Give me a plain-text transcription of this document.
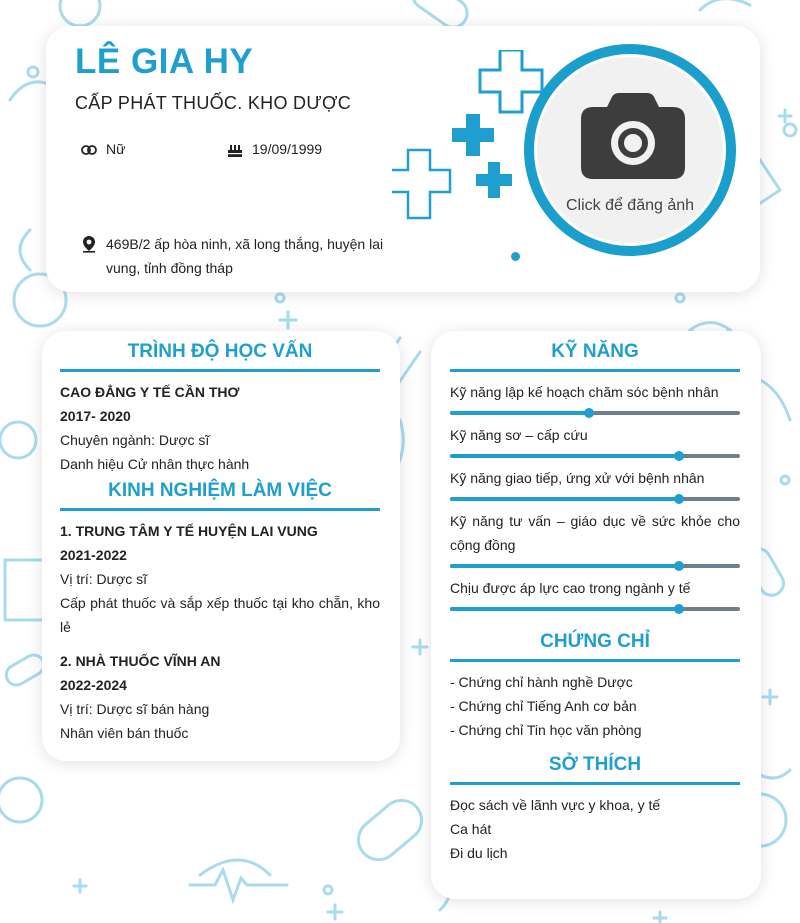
LÊ GIA HY
CẤP PHÁT THUỐC. KHO DƯỢC
Nữ	19/09/1999
469B/2 ấp hòa ninh, xã long thắng, huyện lai vung, tỉnh đồng tháp
Click để đăng ảnh
TRÌNH ĐỘ HỌC VẤN
CAO ĐẲNG Y TẾ CẦN THƠ
2017- 2020
Chuyên ngành: Dược sĩ
Danh hiệu Cử nhân thực hành
KINH NGHIỆM LÀM VIỆC
1. TRUNG TÂM Y TẾ HUYỆN LAI VUNG
2021-2022
Vị trí: Dược sĩ
Cấp phát thuốc và sắp xếp thuốc tại kho chẵn, kho lẻ
2. NHÀ THUỐC VĨNH AN
2022-2024
Vị trí: Dược sĩ bán hàng
Nhân viên bán thuốc
KỸ NĂNG
Kỹ năng lập kế hoạch chăm sóc bệnh nhân
Kỹ năng sơ – cấp cứu
Kỹ năng giao tiếp, ứng xử với bệnh nhân
Kỹ năng tư vấn – giáo dục về sức khỏe cho cộng đồng
Chịu được áp lực cao trong ngành y tế
CHỨNG CHỈ
- Chứng chỉ hành nghề Dược
- Chứng chỉ Tiếng Anh cơ bản
- Chứng chỉ Tin học văn phòng
SỞ THÍCH
Đọc sách về lãnh vực y khoa, y tế
Ca hát
Đi du lịch
